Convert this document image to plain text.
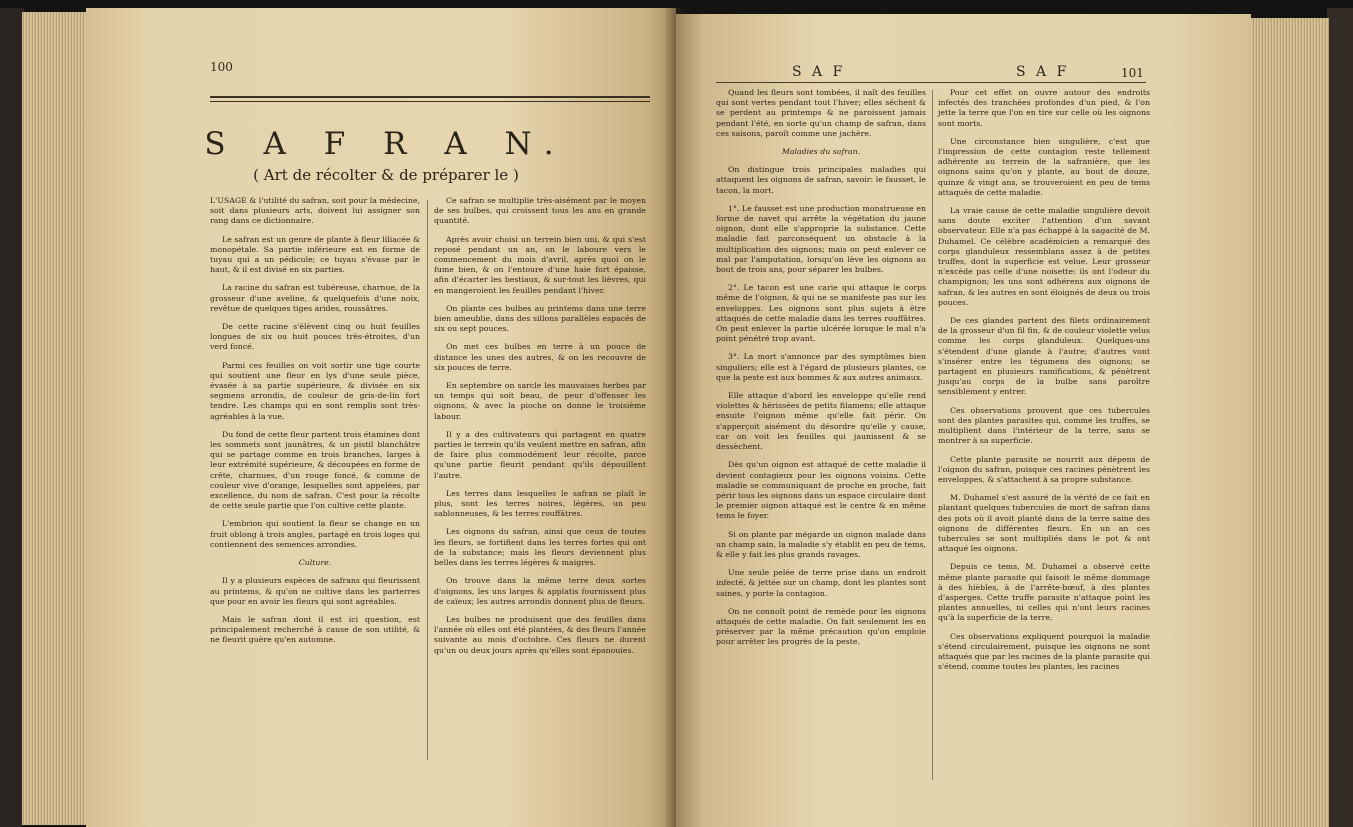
100
S A F R A N.
( Art de récolter & de préparer le )

L'USAGE & l'utilité du safran, soit pour la médecine, soit dans plusieurs arts, doivent lui assigner son rang dans ce dictionnaire.

Le safran est un genre de plante à fleur liliacée & monopétale. Sa partie inférieure est en forme de tuyau qui a un pédicule; ce tuyau s'évase par le haut, & il est divisé en six parties.

La racine du safran est tubéreuse, charnue, de la grosseur d'une aveline, & quelquefois d'une noix, revêtue de quelques tiges arides, roussâtres.

De cette racine s'élèvent cinq ou huit feuilles longues de six ou huit pouces très-étroites, d'un verd foncé.

Parmi ces feuilles on voit sortir une tige courte qui soutient une fleur en lys d'une seule pièce, évasée à sa partie supérieure, & divisée en six segmens arrondis, de couleur de gris-de-lin fort tendre. Les champs qui en sont remplis sont très-agréables à la vue.

Du fond de cette fleur partent trois étamines dont les sommets sont jaunâtres, & un pistil blanchâtre qui se partage comme en trois branches, larges à leur extrémité supérieure, & découpées en forme de crête, charnues, d'un rouge foncé, & comme de couleur vive d'orange, lesquelles sont appelées, par excellence, du nom de safran. C'est pour la récolte de cette seule partie que l'on cultive cette plante.

L'embrion qui soutient la fleur se change en un fruit oblong à trois angles, partagé en trois loges qui contiennent des semences arrondies.

Culture.

Il y a plusieurs espèces de safrans qui fleurissent au printems, & qu'on ne cultive dans les parterres que pour en avoir les fleurs qui sont agréables.

Mais le safran dont il est ici question, est principalement recherché à cause de son utilité, & ne fleurit guère qu'en automne.

Ce safran se multiplie très-aisément par le moyen de ses bulbes, qui croissent tous les ans en grande quantité.

Après avoir choisi un terrein bien uni, & qui s'est reposé pendant un an, on le laboure vers le commencement du mois d'avril, après quoi on le fume bien, & on l'entoure d'une haie fort épaisse, afin d'écarter les bestiaux, & sur-tout les lièvres, qui en mangeroient les feuilles pendant l'hiver.

On plante ces bulbes au printems dans une terre bien ameublie, dans des sillons parallèles espacés de six ou sept pouces.

On met ces bulbes en terre à un pouce de distance les unes des autres, & on les recouvre de six pouces de terre.

En septembre on sarcle les mauvaises herbes par un temps qui soit beau, de peur d'offenser les oignons, & avec la pioche on donne le troisième labour.

Il y a des cultivateurs qui partagent en quatre parties le terrein qu'ils veulent mettre en safran, afin de faire plus commodément leur récolte, parce qu'une partie fleurit pendant qu'ils dépouillent l'autre.

Les terres dans lesquelles le safran se plaît le plus, sont les terres noires, légères, un peu sablonneuses, & les terres rouffâtres.

Les oignons du safran, ainsi que ceux de toutes les fleurs, se fortifient dans les terres fortes qui ont de la substance; mais les fleurs deviennent plus belles dans les terres légères & maigres.

On trouve dans la même terre deux sortes d'oignons, les uns larges & applatis fournissent plus de caïeux; les autres arrondis donnent plus de fleurs.

Les bulbes ne produisent que des feuilles dans l'année où elles ont été plantées, & des fleurs l'année suivante au mois d'octobre. Ces fleurs ne durent qu'un ou deux jours après qu'elles sont épanouies.

S A F	S A F	101

Quand les fleurs sont tombées, il naît des feuilles qui sont vertes pendant tout l'hiver; elles séchent & se perdent au printemps & ne paroissent jamais pendant l'été, en sorte qu'un champ de safran, dans ces saisons, paroît comme une jachère.

Maladies du safran.

On distingue trois principales maladies qui attaquent les oignons de safran, savoir: le fausset, le tacon, la mort.

1°. Le fausset est une production monstrueuse en forme de navet qui arrête la végétation du jaune oignon, dont elle s'approprie la substance. Cette maladie fait parconséquent un obstacle à la multiplication des oignons; mais on peut enlever ce mal par l'amputation, lorsqu'on lève les oignons au bout de trois ans, pour séparer les bulbes.

2°. Le tacon est une carie qui attaque le corps même de l'oignon, & qui ne se manifeste pas sur les enveloppes. Les oignons sont plus sujets à être attaqués de cette maladie dans les terres rouffâtres. On peut enlever la partie ulcérée lorsque le mal n'a point pénétré trop avant.

3°. La mort s'annonce par des symptômes bien singuliers; elle est à l'égard de plusieurs plantes, ce que la peste est aux hommes & aux autres animaux.

Elle attaque d'abord les enveloppe qu'elle rend violettes & hérissées de petits filamens; elle attaque ensuite l'oignon même qu'elle fait périr. On s'apperçoit aisément du désordre qu'elle y cause, car on voit les feuilles qui jaunissent & se dessèchent.

Dès qu'un oignon est attaqué de cette maladie il devient contagieux pour les oignons voisins. Cette maladie se communiquant de proche en proche, fait périr tous les oignons dans un espace circulaire dont le premier oignon attaqué est le centre & en même tems le foyer.

Si on plante par mégarde un oignon malade dans un champ sain, la maladie s'y établit en peu de tems, & elle y fait les plus grands ravages.

Une seule pelée de terre prise dans un endroit infecté, & jettée sur un champ, dont les plantes sont saines, y porte la contagion.

On ne connoît point de remède pour les oignons attaqués de cette maladie. On fait seulement les en préserver par la même précaution qu'on emploie pour arrêter les progrès de la peste.

Pour cet effet on ouvre autour des endroits infectés des tranchées profondes d'un pied, & l'on jette la terre que l'on en tire sur celle où les oignons sont morts.

Une circonstance bien singulière, c'est que l'impression de cette contagion reste tellement adhérente au terrein de la safranière, que les oignons sains qu'on y plante, au bout de douze, quinze & vingt ans, se trouveroient en peu de tems attaqués de cette maladie.

La vraie cause de cette maladie singulière devoit sans doute exciter l'attention d'un savant observateur. Elle n'a pas échappé à la sagacité de M. Duhamel. Ce célèbre académicien a remarqué des corps glanduleux ressemblans assez à de petites truffes, dont la superficie est velue. Leur grosseur n'excède pas celle d'une noisette: ils ont l'odeur du champignon; les uns sont adhérens aux oignons de safran, & les autres en sont éloignés de deux ou trois pouces.

De ces glandes partent des filets ordinairement de la grosseur d'un fil fin, & de couleur violette velus comme les corps glanduleux. Quelques-uns s'étendent d'une glande à l'autre; d'autres vont s'insérer entre les tégumens des oignons; se partagent en plusieurs ramifications, & pénètrent jusqu'au corps de la bulbe sans paroître sensiblement y entrer.

Ces observations prouvent que ces tubercules sont des plantes parasites qui, comme les truffes, se multiplient dans l'intérieur de la terre, sans se montrer à sa superficie.

Cette plante parasite se nourrit aux dépens de l'oignon du safran, puisque ces racines pénètrent les enveloppes, & s'attachent à sa propre substance.

M. Duhamel s'est assuré de la vérité de ce fait en plantant quelques tubercules de mort de safran dans des pots où il avoit planté dans de la terre saine des oignons de différentes fleurs. En un an ces tubercules se sont multipliés dans le pot & ont attaqué les oignons.

Depuis ce tems, M. Duhamel a observé cette même plante parasite qui faisoit le même dommage à des hièbles, à de l'arrête-bœuf, à des plantes d'asperges. Cette truffe parasite n'attaque point les plantes annuelles, ni celles qui n'ont leurs racines qu'à la superficie de la terre.

Ces observations expliquent pourquoi la maladie s'étend circulairement, puisque les oignons ne sont attaqués que par les racines de la plante parasite qui s'étend, comme toutes les plantes, les racines
